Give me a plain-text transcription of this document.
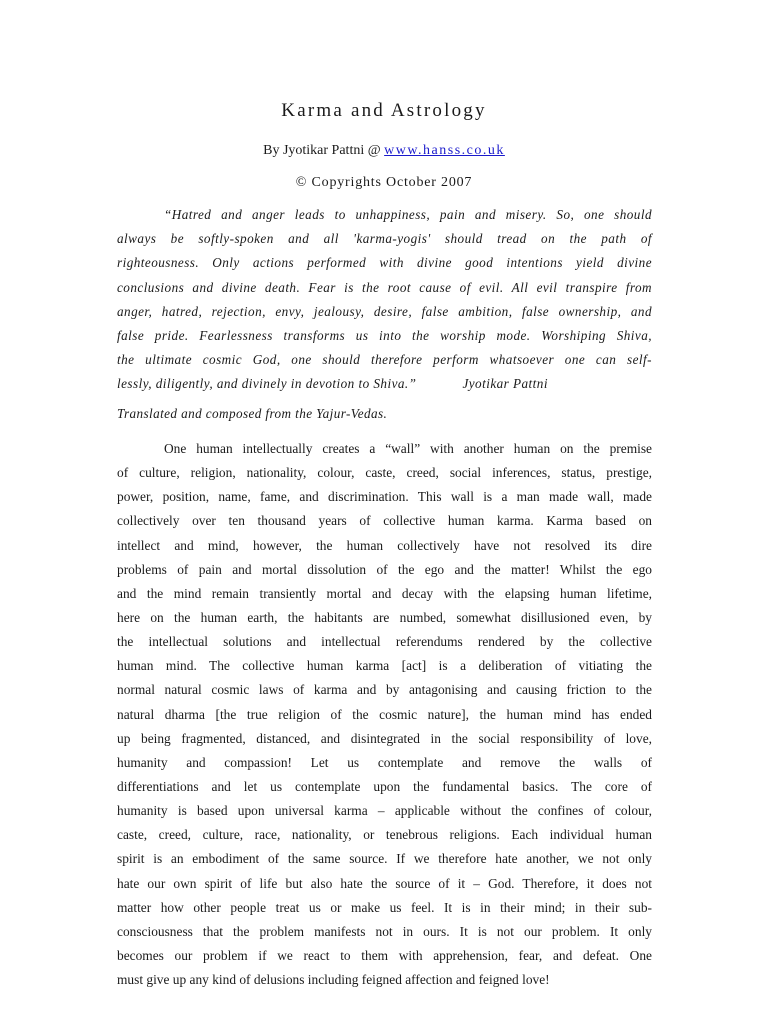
Karma and Astrology
By Jyotikar Pattni @ www.hanss.co.uk
© Copyrights October 2007
“Hatred and anger leads to unhappiness, pain and misery. So, one should
always be softly-spoken and all 'karma-yogis' should tread on the path of
righteousness. Only actions performed with divine good intentions yield divine
conclusions and divine death. Fear is the root cause of evil. All evil transpire from
anger, hatred, rejection, envy, jealousy, desire, false ambition, false ownership, and
false pride. Fearlessness transforms us into the worship mode. Worshiping Shiva,
the ultimate cosmic God, one should therefore perform whatsoever one can self-
lessly, diligently, and divinely in devotion to Shiva.”	Jyotikar Pattni
Translated and composed from the Yajur-Vedas.
One human intellectually creates a “wall” with another human on the premise
of culture, religion, nationality, colour, caste, creed, social inferences, status, prestige,
power, position, name, fame, and discrimination. This wall is a man made wall, made
collectively over ten thousand years of collective human karma. Karma based on
intellect and mind, however, the human collectively have not resolved its dire
problems of pain and mortal dissolution of the ego and the matter! Whilst the ego
and the mind remain transiently mortal and decay with the elapsing human lifetime,
here on the human earth, the habitants are numbed, somewhat disillusioned even, by
the intellectual solutions and intellectual referendums rendered by the collective
human mind. The collective human karma [act] is a deliberation of vitiating the
normal natural cosmic laws of karma and by antagonising and causing friction to the
natural dharma [the true religion of the cosmic nature], the human mind has ended
up being fragmented, distanced, and disintegrated in the social responsibility of love,
humanity and compassion! Let us contemplate and remove the walls of
differentiations and let us contemplate upon the fundamental basics. The core of
humanity is based upon universal karma – applicable without the confines of colour,
caste, creed, culture, race, nationality, or tenebrous religions. Each individual human
spirit is an embodiment of the same source. If we therefore hate another, we not only
hate our own spirit of life but also hate the source of it – God. Therefore, it does not
matter how other people treat us or make us feel. It is in their mind; in their sub-
consciousness that the problem manifests not in ours. It is not our problem. It only
becomes our problem if we react to them with apprehension, fear, and defeat. One
must give up any kind of delusions including feigned affection and feigned love!
